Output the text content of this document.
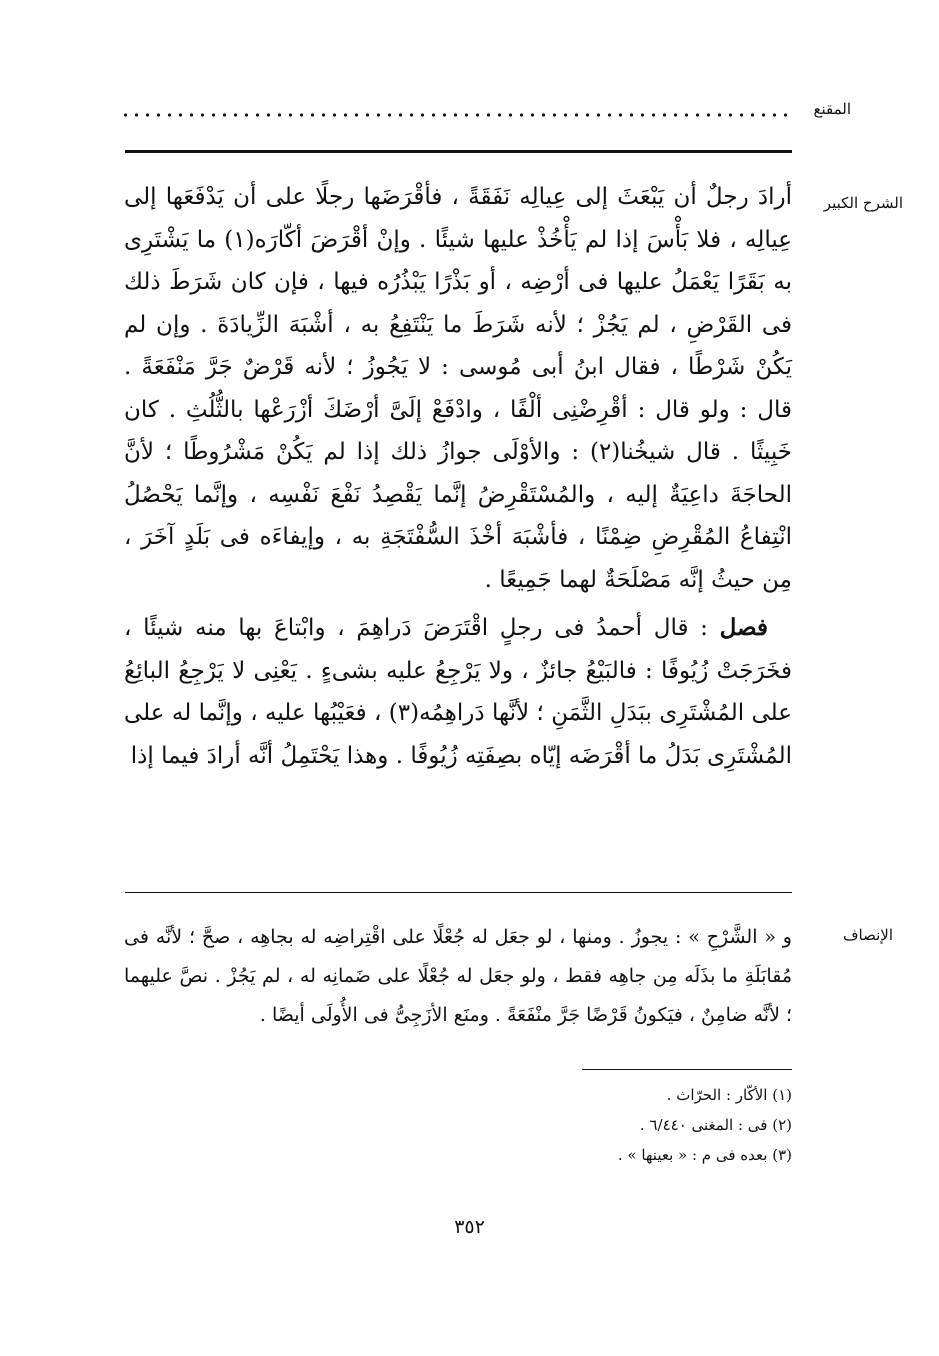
المقنع
الشرح الكبير

أرادَ رجلٌ أن يَبْعَثَ إلى عِيالِه نَفَقَةً ، فأقْرَضَها رجلًا على أن يَدْفَعَها إلى عِيالِه ، فلا بَأْسَ إذا لم يَأْخُذْ عليها شيئًا . وإنْ أقْرَضَ أكّارَه(١) ما يَشْتَرِى به بَقَرًا يَعْمَلُ عليها فى أرْضِه ، أو بَذْرًا يَبْذُرُه فيها ، فإن كان شَرَطَ ذلك فى القَرْضِ ، لم يَجُزْ ؛ لأنه شَرَطَ ما يَنْتَفِعُ به ، أشْبَهَ الزِّيادَةَ . وإن لم يَكُنْ شَرْطًا ، فقال ابنُ أبى مُوسى : لا يَجُوزُ ؛ لأنه قَرْضٌ جَرَّ مَنْفَعَةً . قال : ولو قال : أقْرِضْنِى ألْفًا ، وادْفَعْ إلَىَّ أرْضَكَ أزْرَعْها بالثُّلُثِ . كان خَبِيثًا . قال شيخُنا(٢) : والأوْلَى جوازُ ذلك إذا لم يَكُنْ مَشْرُوطًا ؛ لأنَّ الحاجَةَ داعِيَةٌ إليه ، والمُسْتَقْرِضُ إنَّما يَقْصِدُ نَفْعَ نَفْسِه ، وإنَّما يَحْصُلُ انْتِفاعُ المُقْرِضِ ضِمْنًا ، فأشْبَهَ أخْذَ السُّفْتَجَةِ به ، وإيفاءَه فى بَلَدٍ آخَرَ ، مِن حيثُ إنَّه مَصْلَحَةٌ لهما جَمِيعًا .

فصل : قال أحمدُ فى رجلٍ اقْتَرَضَ دَراهِمَ ، وابْتاعَ بها منه شيئًا ، فخَرَجَتْ زُيُوفًا : فالبَيْعُ جائزٌ ، ولا يَرْجِعُ عليه بشىءٍ . يَعْنِى لا يَرْجِعُ البائِعُ على المُشْتَرِى ببَدَلِ الثَّمَنِ ؛ لأنَّها دَراهِمُه(٣) ، فعَيْبُها عليه ، وإنَّما له على المُشْتَرِى بَدَلُ ما أقْرَضَه إيّاه بصِفَتِه زُيُوفًا . وهذا يَحْتَمِلُ أنَّه أرادَ فيما إذا

الإنصاف

و « الشَّرْحِ » : يجوزُ . ومنها ، لو جعَل له جُعْلًا على اقْتِراضِه له بجاهِه ، صحَّ ؛ لأنَّه فى مُقابَلَةِ ما بذَلَه مِن جاهِه فقط ، ولو جعَل له جُعْلًا على ضَمانِه له ، لم يَجُزْ . نصَّ عليهما ؛ لأنَّه ضامِنٌ ، فيَكونُ قَرْضًا جَرَّ منْفَعَةً . ومنَع الأزَجِىُّ فى الأُولَى أيضًا .

(١) الأكّار : الحرّاث .
(٢) فى : المغنى ٦/٤٤٠ .
(٣) بعده فى م : « بعينها » .
٣٥٢
